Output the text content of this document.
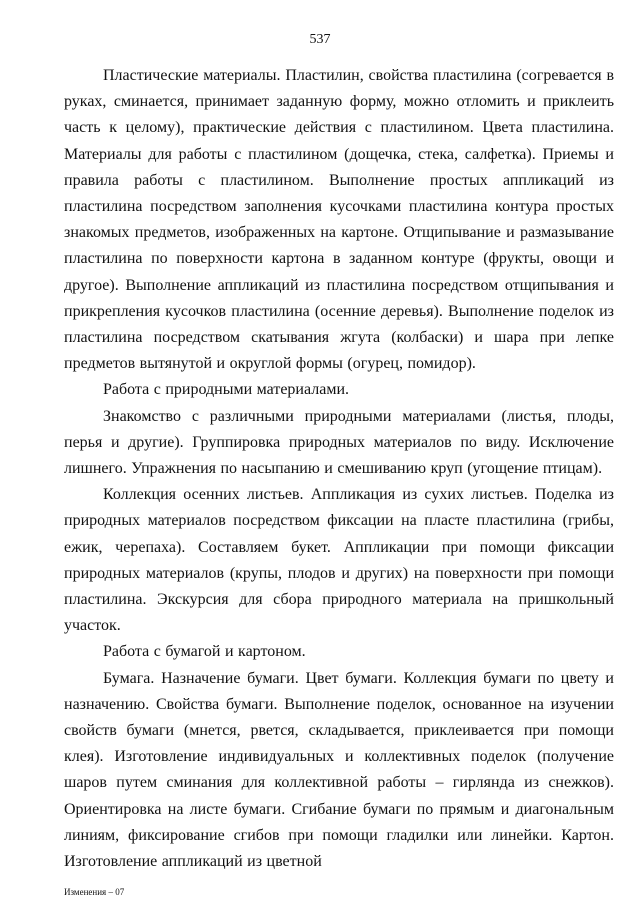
537

Пластические материалы. Пластилин, свойства пластилина (согревается в руках, сминается, принимает заданную форму, можно отломить и приклеить часть к целому), практические действия с пластилином. Цвета пластилина. Материалы для работы с пластилином (дощечка, стека, салфетка). Приемы и правила работы с пластилином. Выполнение простых аппликаций из пластилина посредством заполнения кусочками пластилина контура простых знакомых предметов, изображенных на картоне. Отщипывание и размазывание пластилина по поверхности картона в заданном контуре (фрукты, овощи и другое). Выполнение аппликаций из пластилина посредством отщипывания и прикрепления кусочков пластилина (осенние деревья). Выполнение поделок из пластилина посредством скатывания жгута (колбаски) и шара при лепке предметов вытянутой и округлой формы (огурец, помидор).

Работа с природными материалами.

Знакомство с различными природными материалами (листья, плоды, перья и другие). Группировка природных материалов по виду. Исключение лишнего. Упражнения по насыпанию и смешиванию круп (угощение птицам).

Коллекция осенних листьев. Аппликация из сухих листьев. Поделка из природных материалов посредством фиксации на пласте пластилина (грибы, ежик, черепаха). Составляем букет. Аппликации при помощи фиксации природных материалов (крупы, плодов и других) на поверхности при помощи пластилина. Экскурсия для сбора природного материала на пришкольный участок.

Работа с бумагой и картоном.

Бумага. Назначение бумаги. Цвет бумаги. Коллекция бумаги по цвету и назначению. Свойства бумаги. Выполнение поделок, основанное на изучении свойств бумаги (мнется, рвется, складывается, приклеивается при помощи клея). Изготовление индивидуальных и коллективных поделок (получение шаров путем сминания для коллективной работы – гирлянда из снежков). Ориентировка на листе бумаги. Сгибание бумаги по прямым и диагональным линиям, фиксирование сгибов при помощи гладилки или линейки. Картон. Изготовление аппликаций из цветной

Изменения – 07
